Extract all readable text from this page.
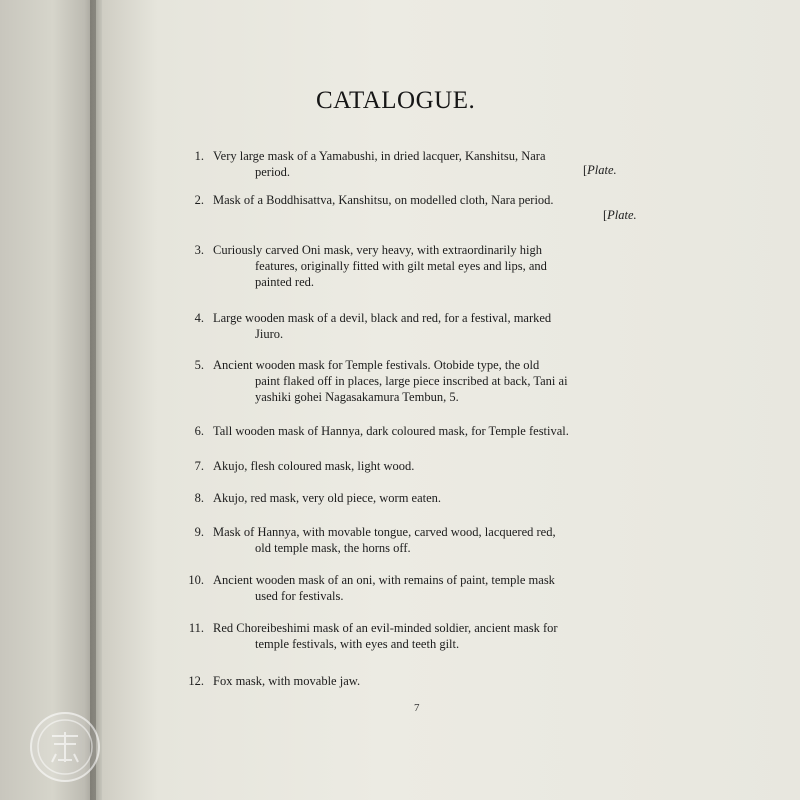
CATALOGUE.
1. Very large mask of a Yamabushi, in dried lacquer, Kanshitsu, Nara
period.	[Plate.
2. Mask of a Boddhisattva, Kanshitsu, on modelled cloth, Nara period.
[Plate.
3. Curiously carved Oni mask, very heavy, with extraordinarily high
features, originally fitted with gilt metal eyes and lips, and
painted red.
4. Large wooden mask of a devil, black and red, for a festival, marked
Jiuro.
5. Ancient wooden mask for Temple festivals. Otobide type, the old
paint flaked off in places, large piece inscribed at back, Tani ai
yashiki gohei Nagasakamura Tembun, 5.
6. Tall wooden mask of Hannya, dark coloured mask, for Temple festival.
7. Akujo, flesh coloured mask, light wood.
8. Akujo, red mask, very old piece, worm eaten.
9. Mask of Hannya, with movable tongue, carved wood, lacquered red,
old temple mask, the horns off.
10. Ancient wooden mask of an oni, with remains of paint, temple mask
used for festivals.
11. Red Choreibeshimi mask of an evil-minded soldier, ancient mask for
temple festivals, with eyes and teeth gilt.
12. Fox mask, with movable jaw.
7
